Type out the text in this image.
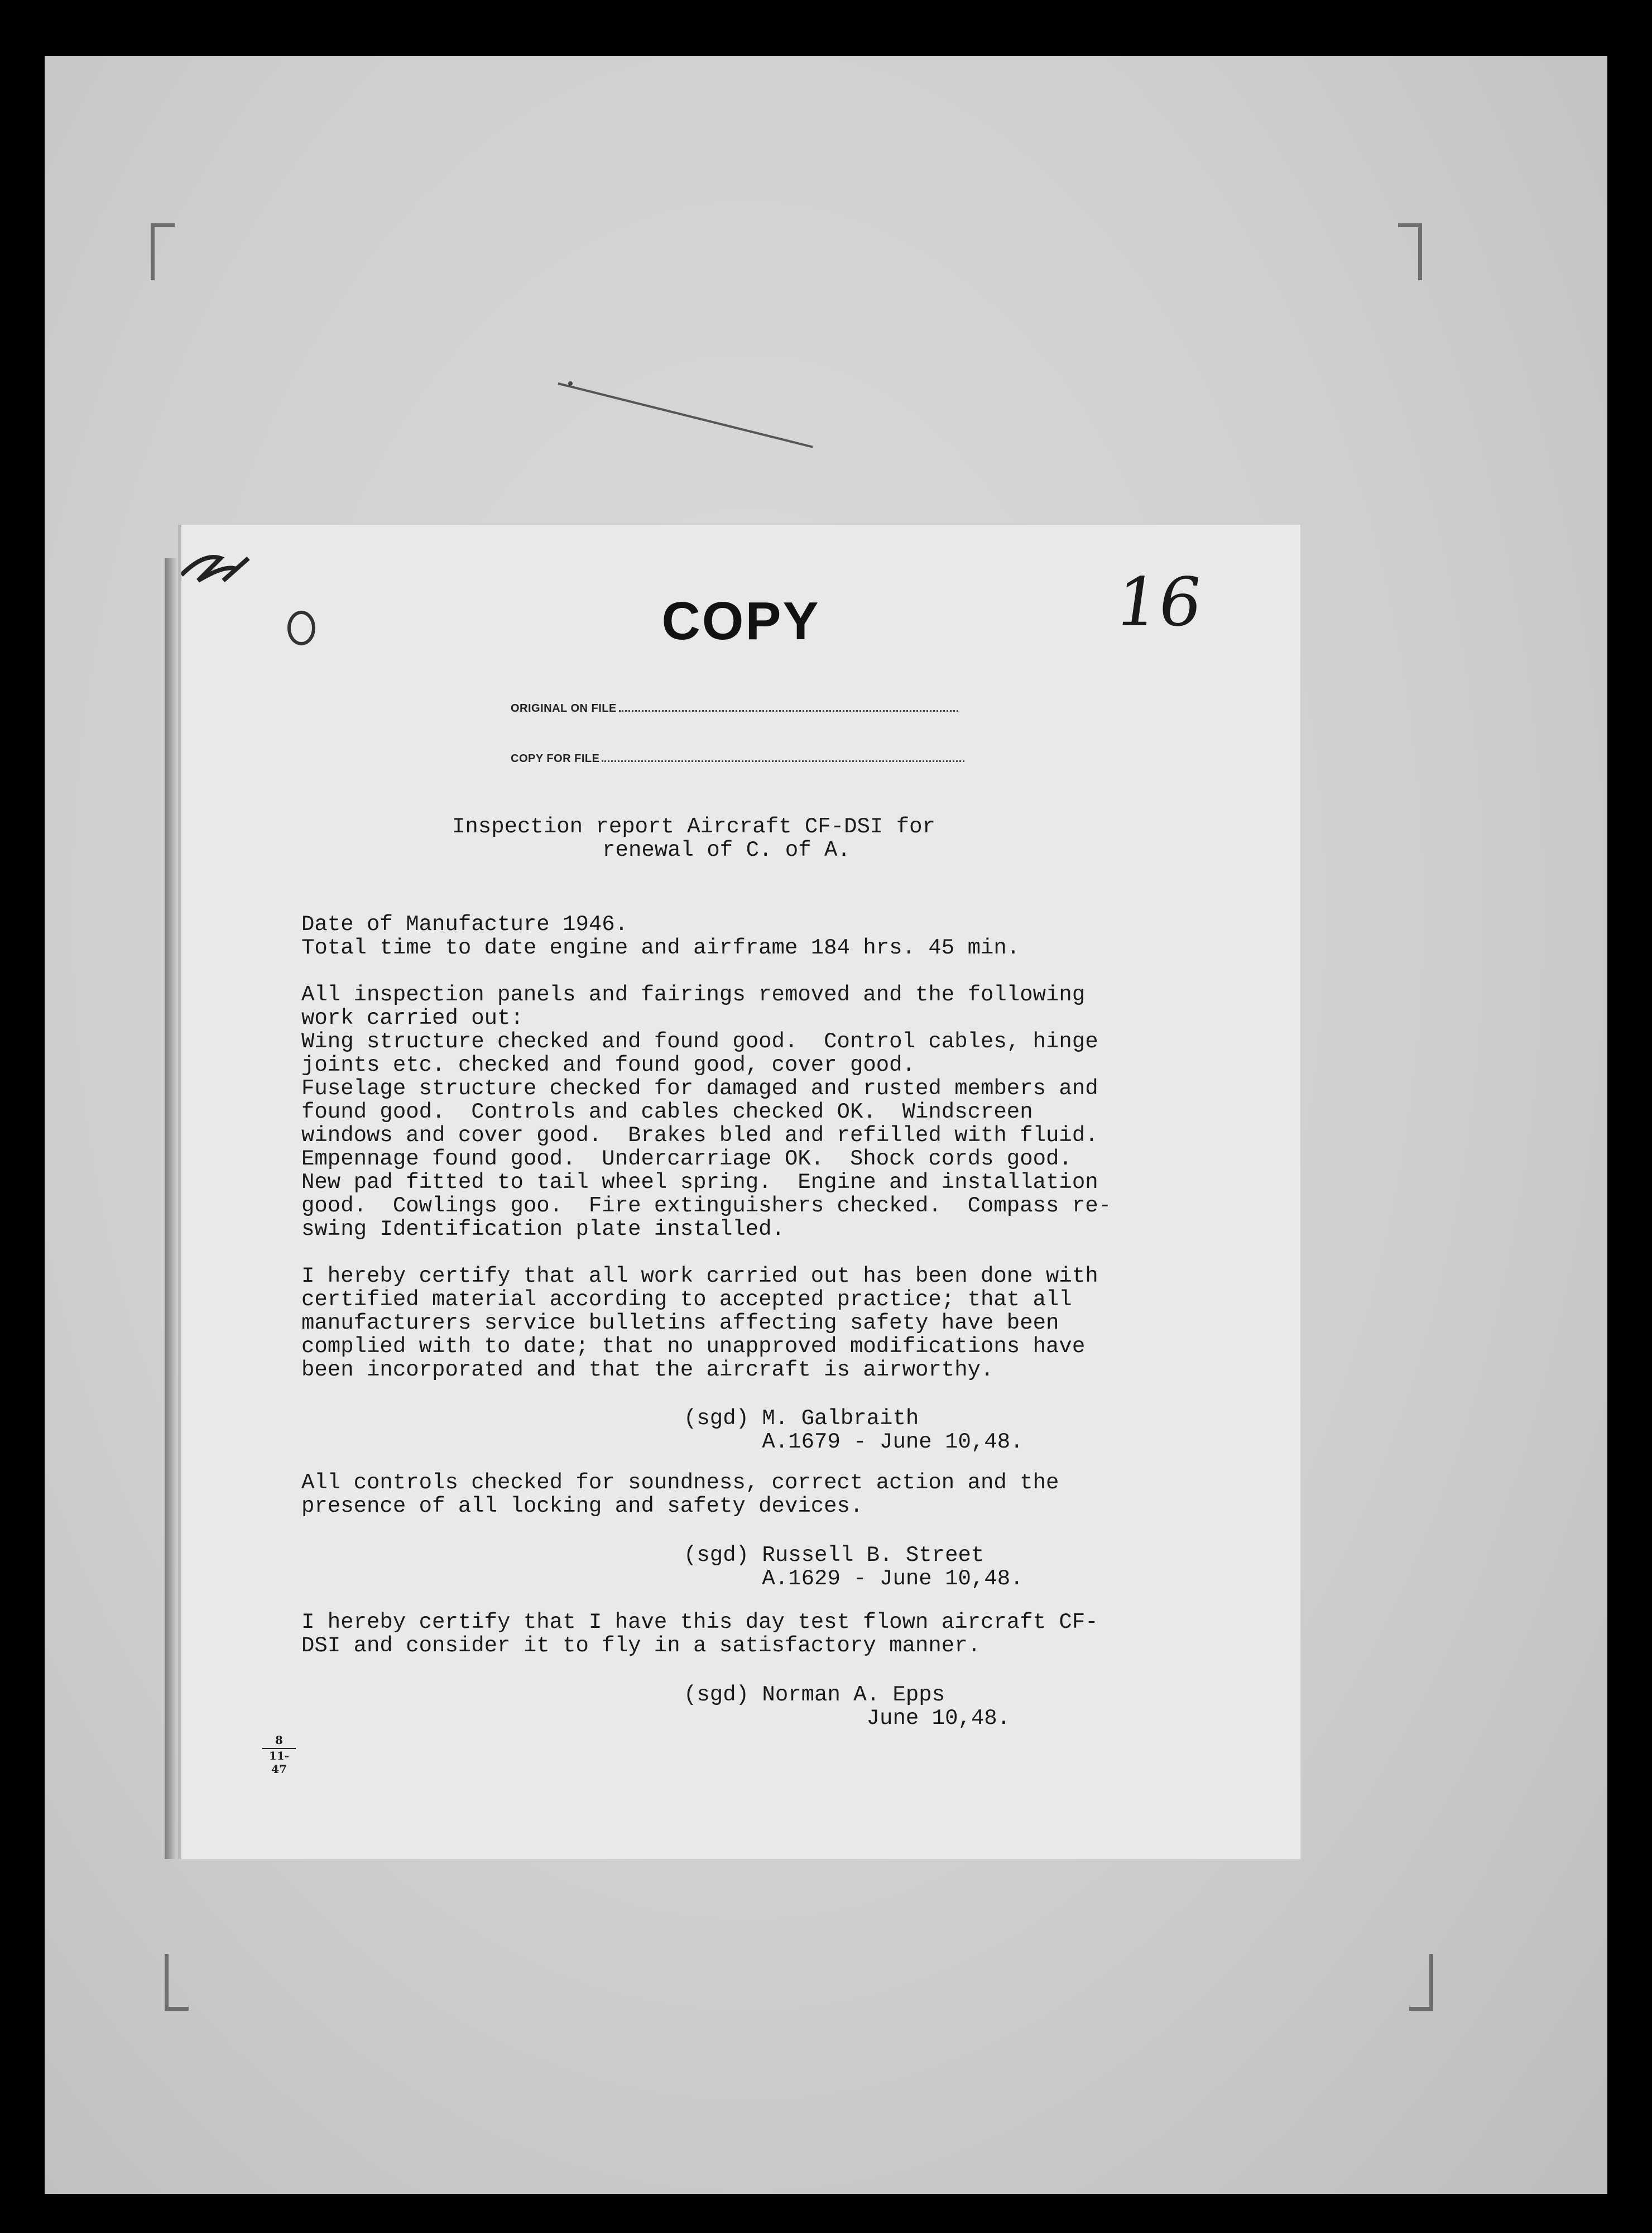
COPY	16
ORIGINAL ON FILE
COPY FOR FILE
Inspection report Aircraft CF-DSI for
renewal of C. of A.
Date of Manufacture 1946.
Total time to date engine and airframe 184 hrs. 45 min.

All inspection panels and fairings removed and the following
work carried out:
Wing structure checked and found good.  Control cables, hinge
joints etc. checked and found good, cover good.
Fuselage structure checked for damaged and rusted members and
found good.  Controls and cables checked OK.  Windscreen
windows and cover good.  Brakes bled and refilled with fluid.
Empennage found good.  Undercarriage OK.  Shock cords good.
New pad fitted to tail wheel spring.  Engine and installation
good.  Cowlings goo.  Fire extinguishers checked.  Compass re-
swing Identification plate installed.

I hereby certify that all work carried out has been done with
certified material according to accepted practice; that all
manufacturers service bulletins affecting safety have been
complied with to date; that no unapproved modifications have
been incorporated and that the aircraft is airworthy.
(sgd) M. Galbraith
A.1679 - June 10,48.
All controls checked for soundness, correct action and the
presence of all locking and safety devices.
(sgd) Russell B. Street
A.1629 - June 10,48.
I hereby certify that I have this day test flown aircraft CF-
DSI and consider it to fly in a satisfactory manner.
(sgd) Norman A. Epps
June 10,48.
8
11-47
